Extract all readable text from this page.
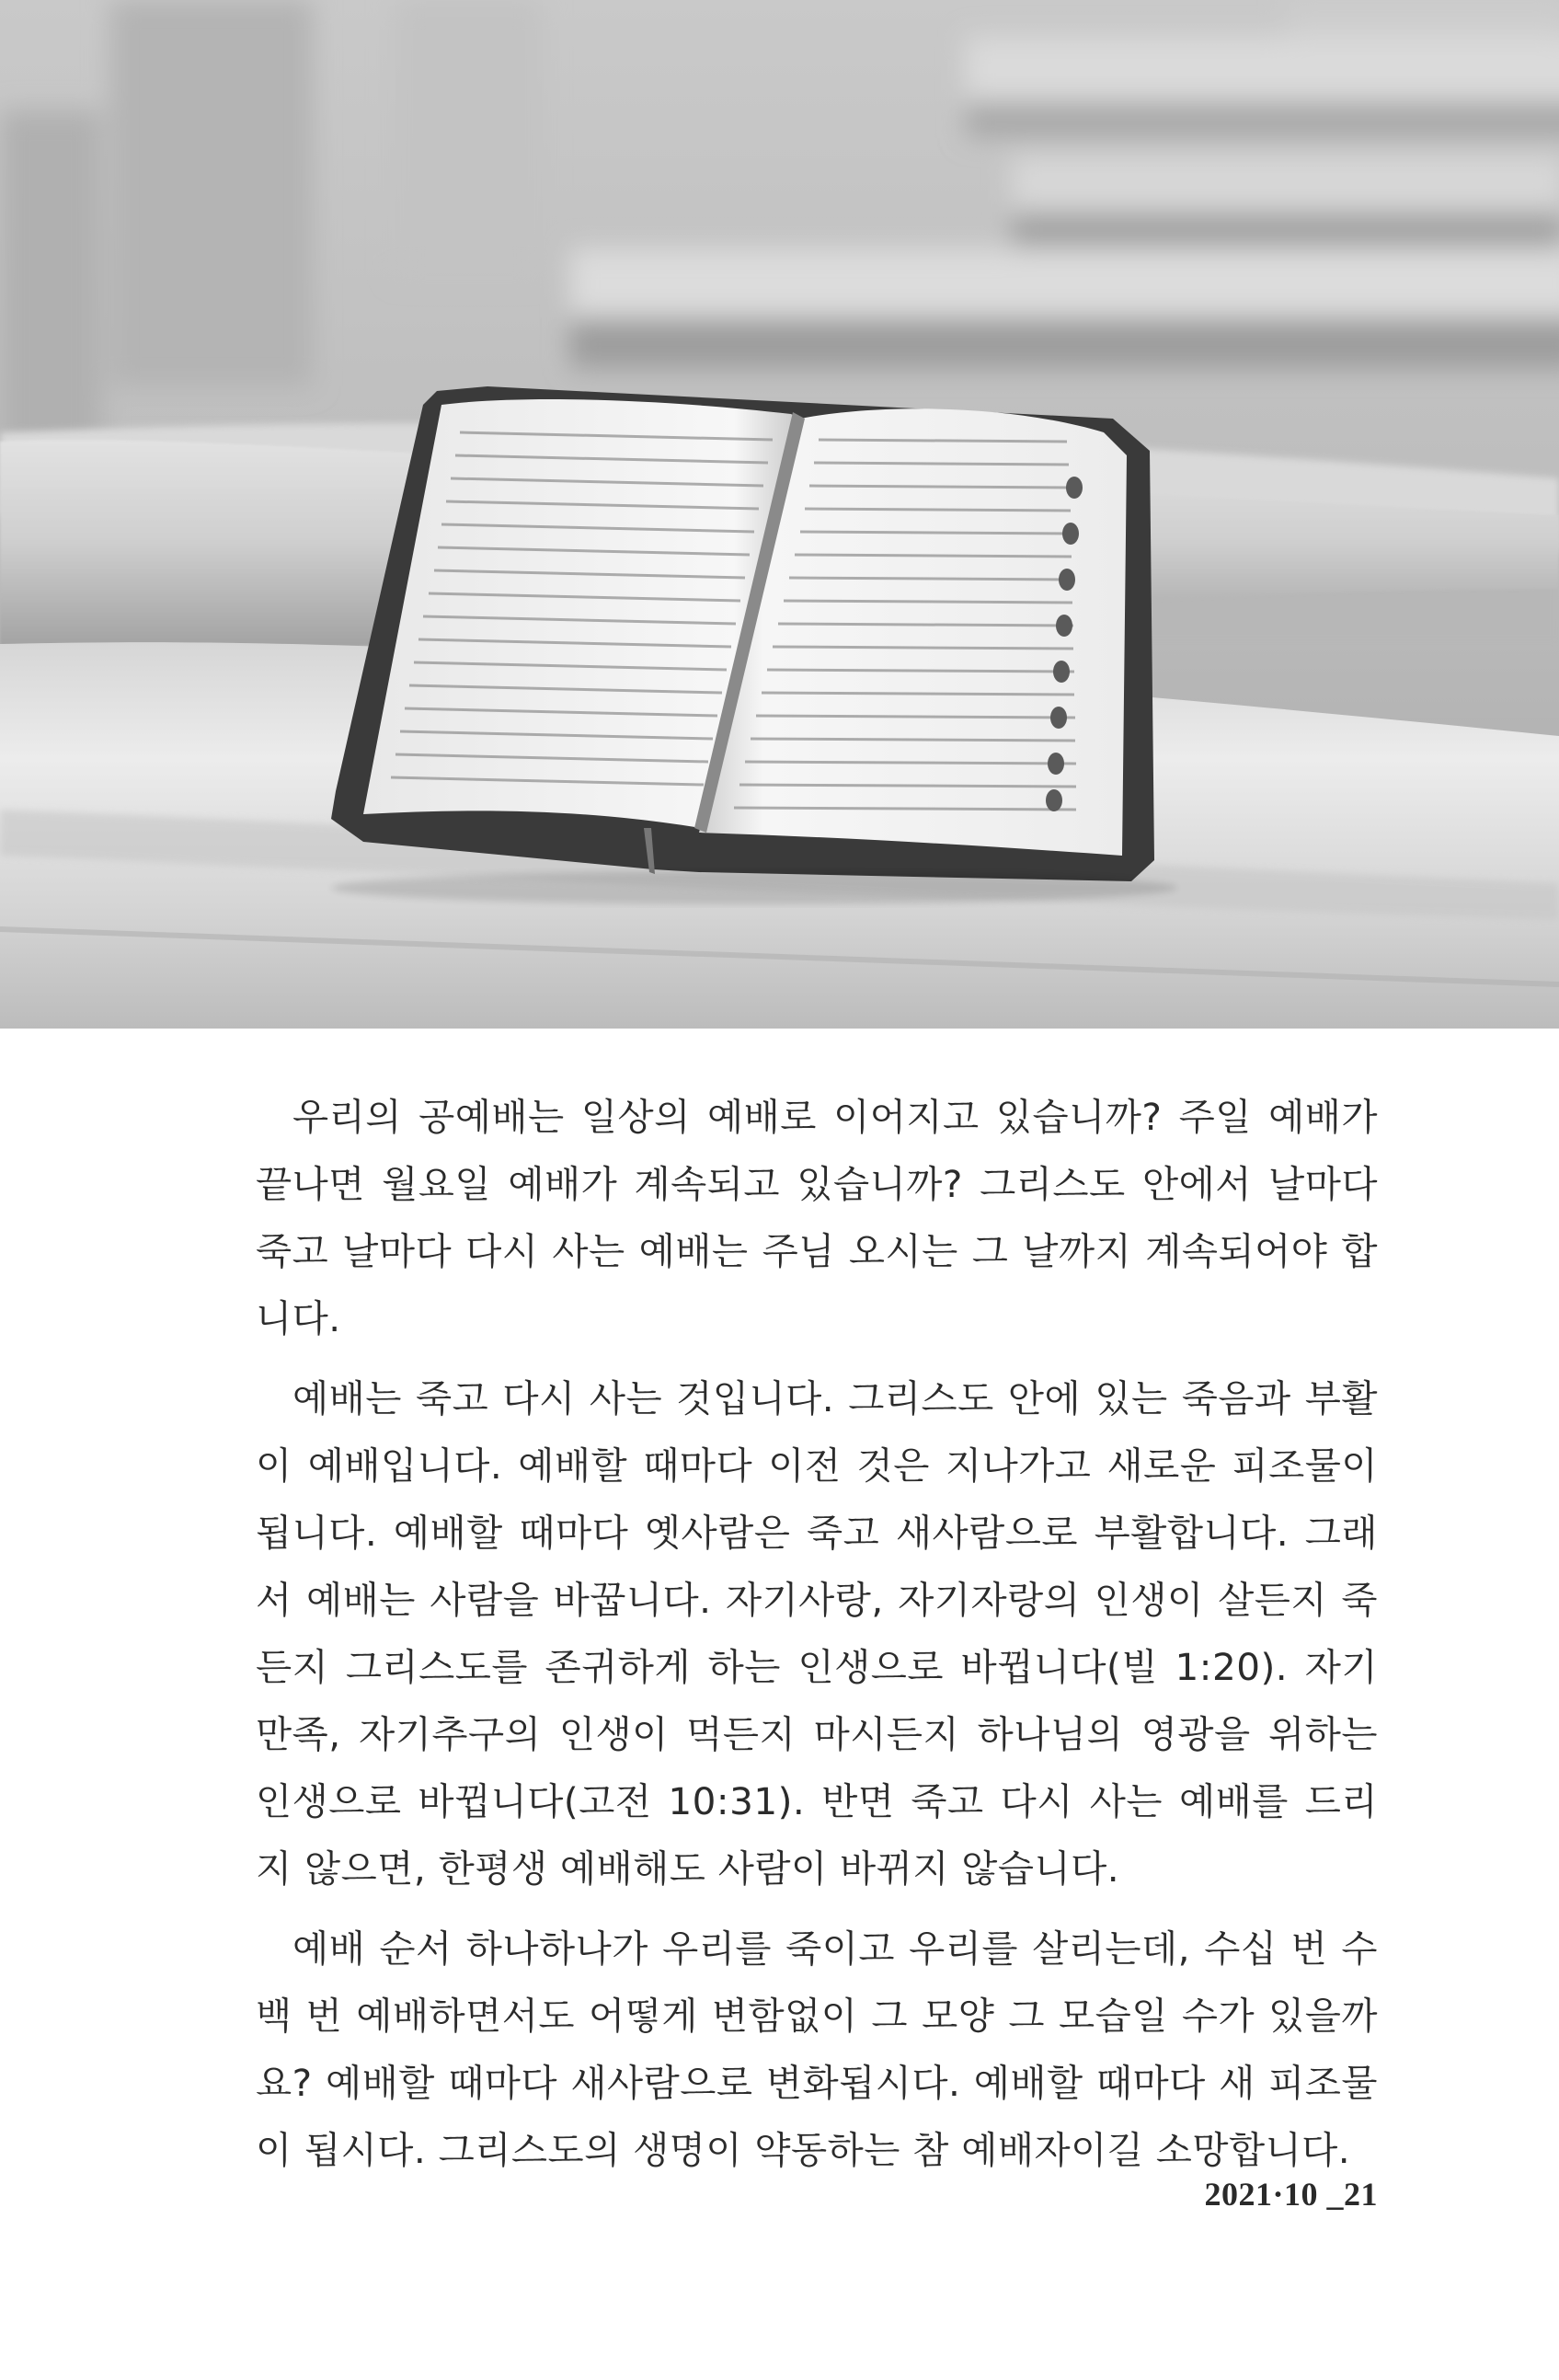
우리의 공예배는 일상의 예배로 이어지고 있습니까? 주일 예배가 끝나면 월요일 예배가 계속되고 있습니까? 그리스도 안에서 날마다 죽고 날마다 다시 사는 예배는 주님 오시는 그 날까지 계속되어야 합니다.

예배는 죽고 다시 사는 것입니다. 그리스도 안에 있는 죽음과 부활이 예배입니다. 예배할 때마다 이전 것은 지나가고 새로운 피조물이 됩니다. 예배할 때마다 옛사람은 죽고 새사람으로 부활합니다. 그래서 예배는 사람을 바꿉니다. 자기사랑, 자기자랑의 인생이 살든지 죽든지 그리스도를 존귀하게 하는 인생으로 바뀝니다(빌 1:20). 자기만족, 자기추구의 인생이 먹든지 마시든지 하나님의 영광을 위하는 인생으로 바뀝니다(고전 10:31). 반면 죽고 다시 사는 예배를 드리지 않으면, 한평생 예배해도 사람이 바뀌지 않습니다.

예배 순서 하나하나가 우리를 죽이고 우리를 살리는데, 수십 번 수백 번 예배하면서도 어떻게 변함없이 그 모양 그 모습일 수가 있을까요? 예배할 때마다 새사람으로 변화됩시다. 예배할 때마다 새 피조물이 됩시다. 그리스도의 생명이 약동하는 참 예배자이길 소망합니다.

2021·10 _21
